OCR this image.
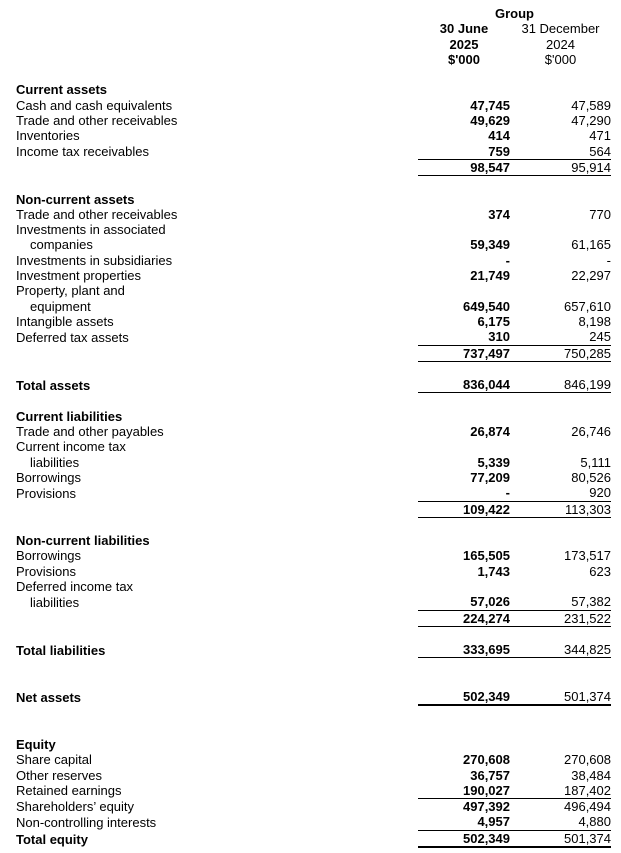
	Group	
	30 June	31 December
	2025	2024
	$'000	$'000

Current assets		
Cash and cash equivalents	47,745	47,589
Trade and other receivables	49,629	47,290
Inventories	414	471
Income tax receivables	759	564
	98,547	95,914

Non-current assets		
Trade and other receivables	374	770
Investments in associated		
companies	59,349	61,165
Investments in subsidiaries	-	-
Investment properties	21,749	22,297
Property, plant and		
equipment	649,540	657,610
Intangible assets	6,175	8,198
Deferred tax assets	310	245
	737,497	750,285

Total assets	836,044	846,199

Current liabilities		
Trade and other payables	26,874	26,746
Current income tax		
liabilities	5,339	5,111
Borrowings	77,209	80,526
Provisions	-	920
	109,422	113,303

Non-current liabilities		
Borrowings	165,505	173,517
Provisions	1,743	623
Deferred income tax		
liabilities	57,026	57,382
	224,274	231,522

Total liabilities	333,695	344,825

Net assets	502,349	501,374

Equity		
Share capital	270,608	270,608
Other reserves	36,757	38,484
Retained earnings	190,027	187,402
Shareholders’ equity	497,392	496,494
Non-controlling interests	4,957	4,880
Total equity	502,349	501,374
